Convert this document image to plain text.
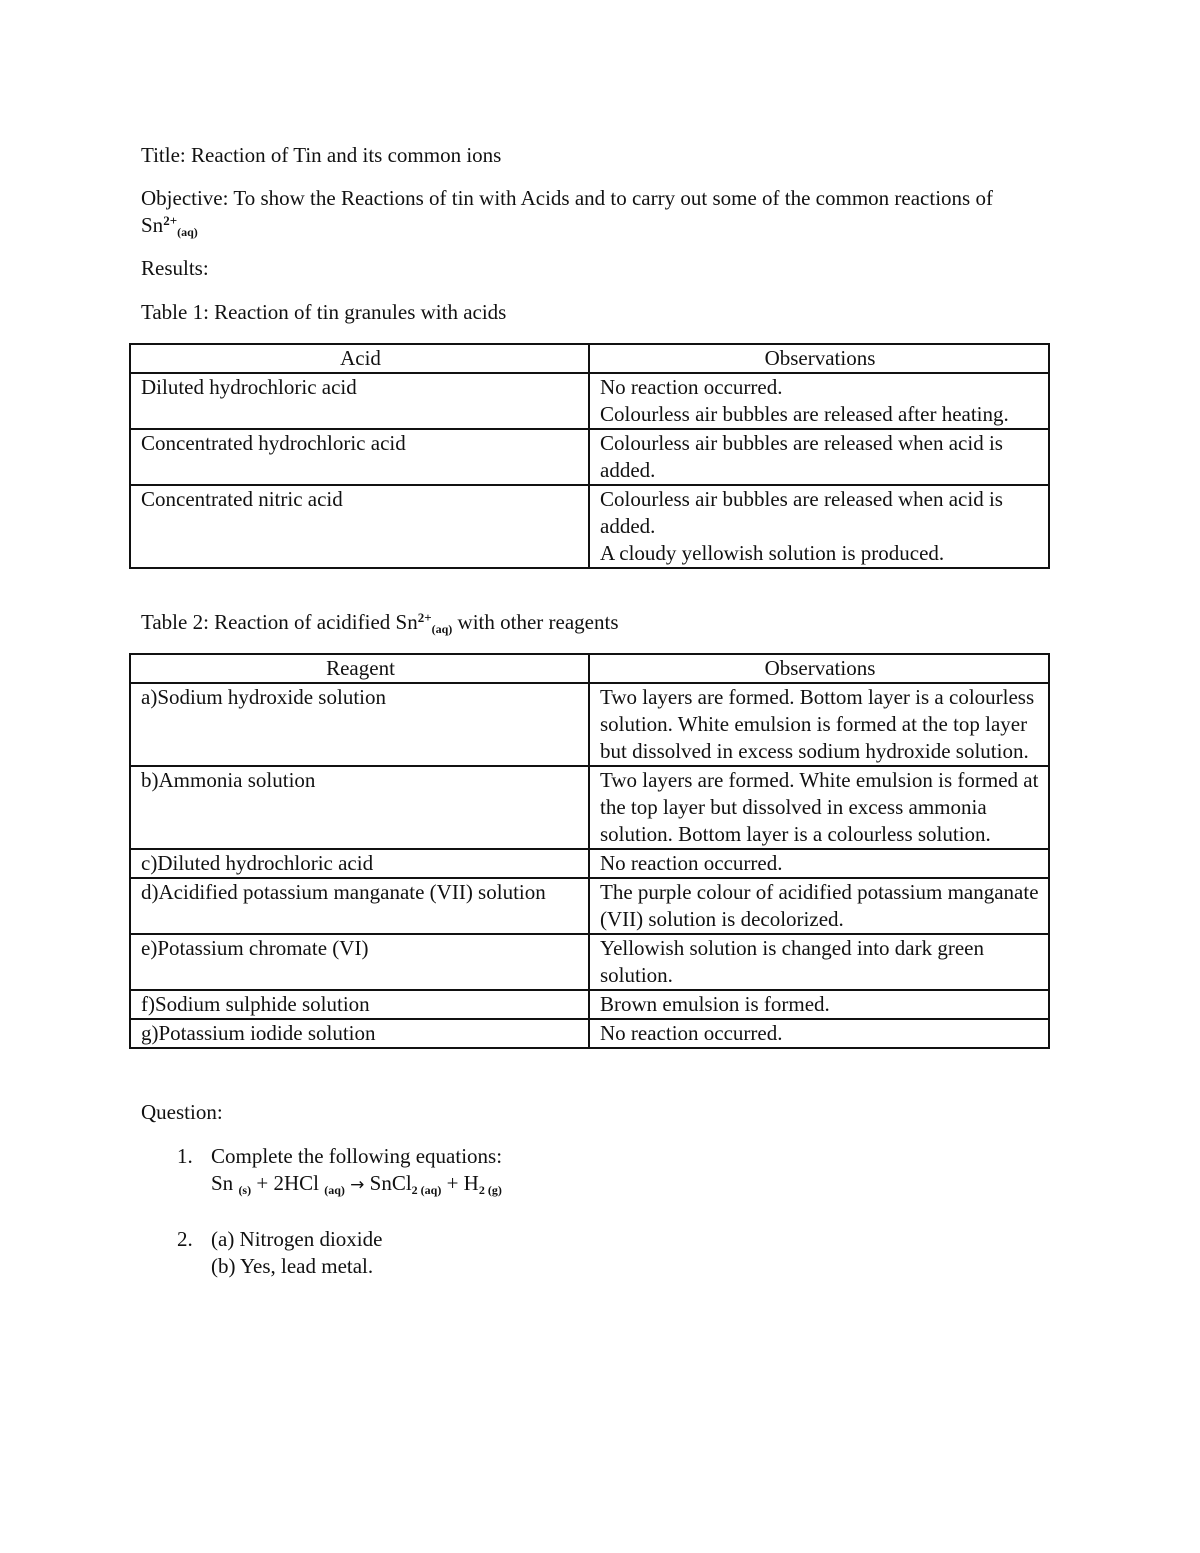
Title: Reaction of Tin and its common ions

Objective: To show the Reactions of tin with Acids and to carry out some of the common reactions of $Sn^{2+}_{(aq)}$

Results:

Table 1: Reaction of tin granules with acids

Acid	Observations
Diluted hydrochloric acid	No reaction occurred.
Colourless air bubbles are released after heating.

Concentrated hydrochloric acid	Colourless air bubbles are released when acid is added.

Concentrated nitric acid	Colourless air bubbles are released when acid is added.
A cloudy yellowish solution is produced.

Table 2: Reaction of acidified $Sn^{2+}_{(aq)}$ with other reagents

Reagent	Observations
a)Sodium hydroxide solution	Two layers are formed. Bottom layer is a colourless solution. White emulsion is formed at the top layer but dissolved in excess sodium hydroxide solution.
b)Ammonia solution	Two layers are formed. White emulsion is formed at the top layer but dissolved in excess ammonia solution. Bottom layer is a colourless solution.
c)Diluted hydrochloric acid	No reaction occurred.
d)Acidified potassium manganate (VII) solution	The purple colour of acidified potassium manganate (VII) solution is decolorized.
e)Potassium chromate (VI)	Yellowish solution is changed into dark green solution.
f)Sodium sulphide solution	Brown emulsion is formed.
g)Potassium iodide solution	No reaction occurred.

Question:

1. Complete the following equations:
Sn $_{(s)}$ + 2HCl $_{(aq)}$ → SnCl$_{2 (aq)}$ + $H_{2 (g)}$
2. (a) Nitrogen dioxide
(b) Yes, lead metal.
